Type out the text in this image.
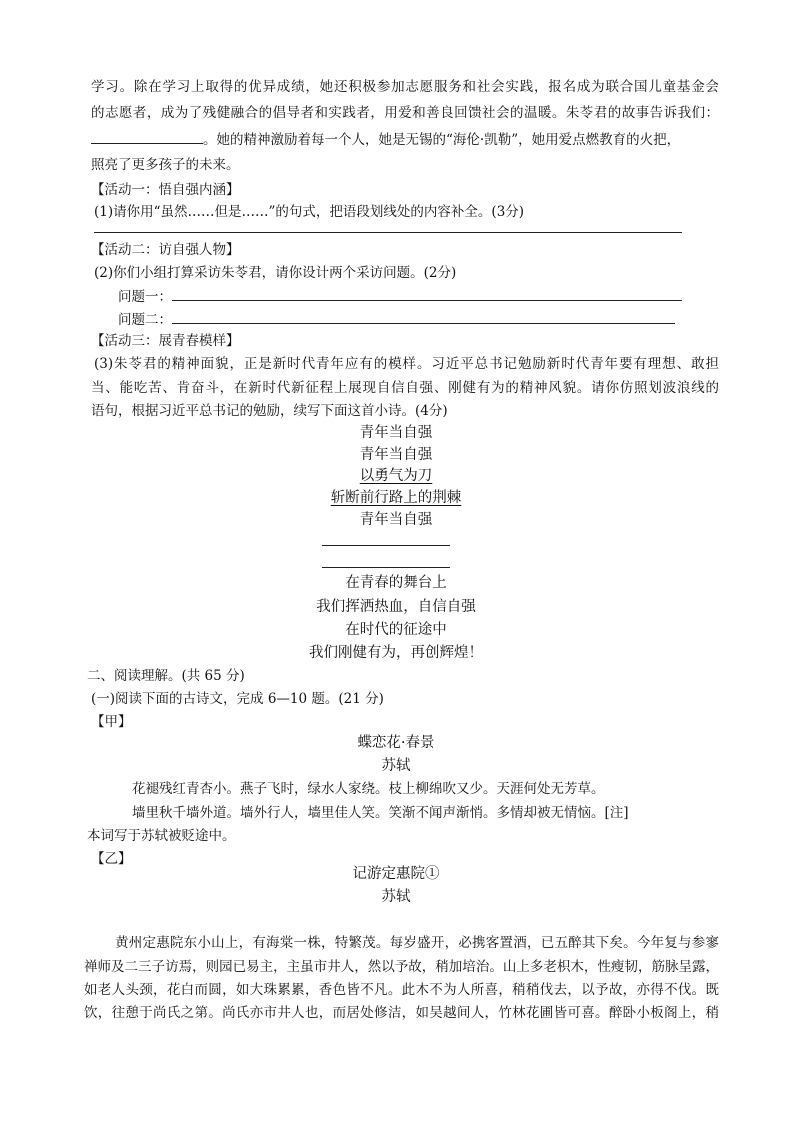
学习。除在学习上取得的优异成绩，她还积极参加志愿服务和社会实践，报名成为联合国儿童基金会
的志愿者，成为了残健融合的倡导者和实践者，用爱和善良回馈社会的温暖。朱苓君的故事告诉我们：
。她的精神激励着每一个人，她是无锡的“海伦·凯勒”，她用爱点燃教育的火把，
照亮了更多孩子的未来。
【活动一：悟自强内涵】
(1)请你用“虽然……但是……”的句式，把语段划线处的内容补全。(3分)
【活动二：访自强人物】
(2)你们小组打算采访朱苓君，请你设计两个采访问题。(2分)
问题一：
问题二：
【活动三：展青春模样】
(3)朱苓君的精神面貌，正是新时代青年应有的模样。习近平总书记勉励新时代青年要有理想、敢担
当、能吃苦、肯奋斗，在新时代新征程上展现自信自强、刚健有为的精神风貌。请你仿照划波浪线的
语句，根据习近平总书记的勉励，续写下面这首小诗。(4分)
青年当自强
青年当自强
以勇气为刀
斩断前行路上的荆棘
青年当自强
在青春的舞台上
我们挥洒热血，自信自强
在时代的征途中
我们刚健有为，再创辉煌！
二、阅读理解。(共 65 分)
(一)阅读下面的古诗文，完成 6—10 题。(21 分)
【甲】
蝶恋花·春景
苏轼
花褪残红青杏小。燕子飞时，绿水人家绕。枝上柳绵吹又少。天涯何处无芳草。
墙里秋千墙外道。墙外行人，墙里佳人笑。笑渐不闻声渐悄。多情却被无情恼。[注]
本词写于苏轼被贬途中。
【乙】
记游定惠院①
苏轼
黄州定惠院东小山上，有海棠一株，特繁茂。每岁盛开，必携客置酒，已五醉其下矣。今年复与参寥
禅师及二三子访焉，则园已易主，主虽市井人，然以予故，稍加培治。山上多老枳木，性瘦韧，筋脉呈露，
如老人头颈，花白而圆，如大珠累累，香色皆不凡。此木不为人所喜，稍稍伐去，以予故，亦得不伐。既
饮，往憩于尚氏之第。尚氏亦市井人也，而居处修洁，如吴越间人，竹林花圃皆可喜。醉卧小板阁上，稍
